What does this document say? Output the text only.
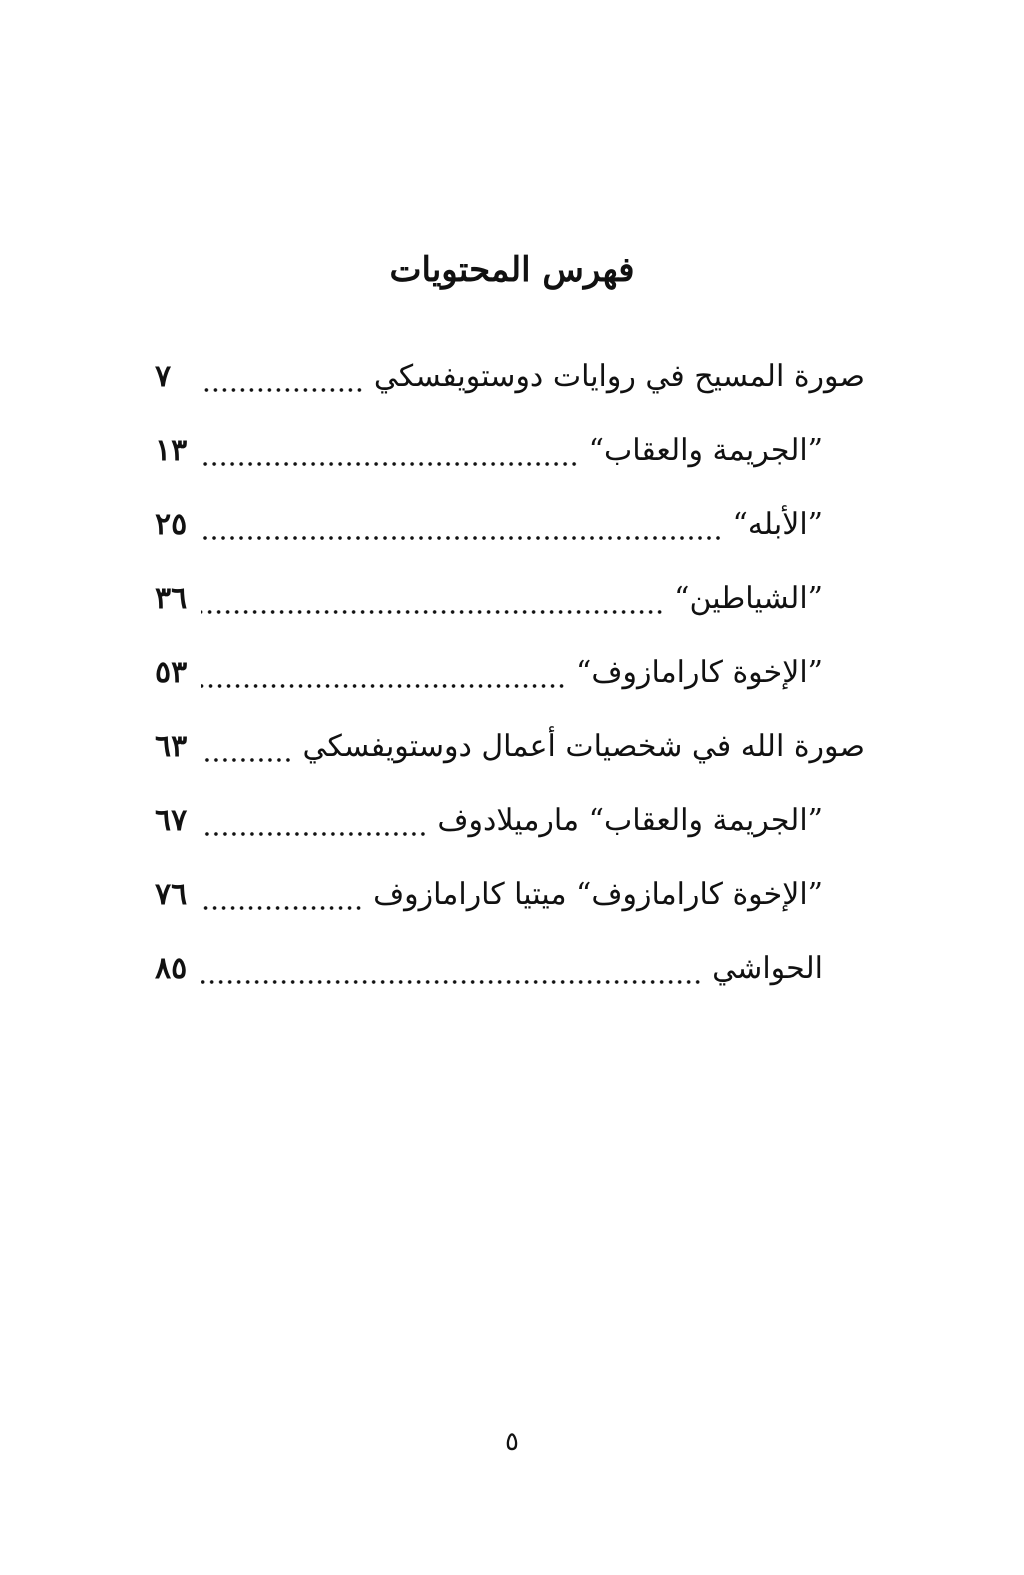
فهرس المحتويات
صورة المسيح في روايات دوستويفسكي
٧
”الجريمة والعقاب“
١٣
”الأبله“
٢٥
”الشياطين“
٣٦
”الإخوة كارامازوف“
٥٣
صورة الله في شخصيات أعمال دوستويفسكي
٦٣
”الجريمة والعقاب“ مارميلادوف
٦٧
”الإخوة كارامازوف“ ميتيا كارامازوف
٧٦
الحواشي
٨٥
٥
